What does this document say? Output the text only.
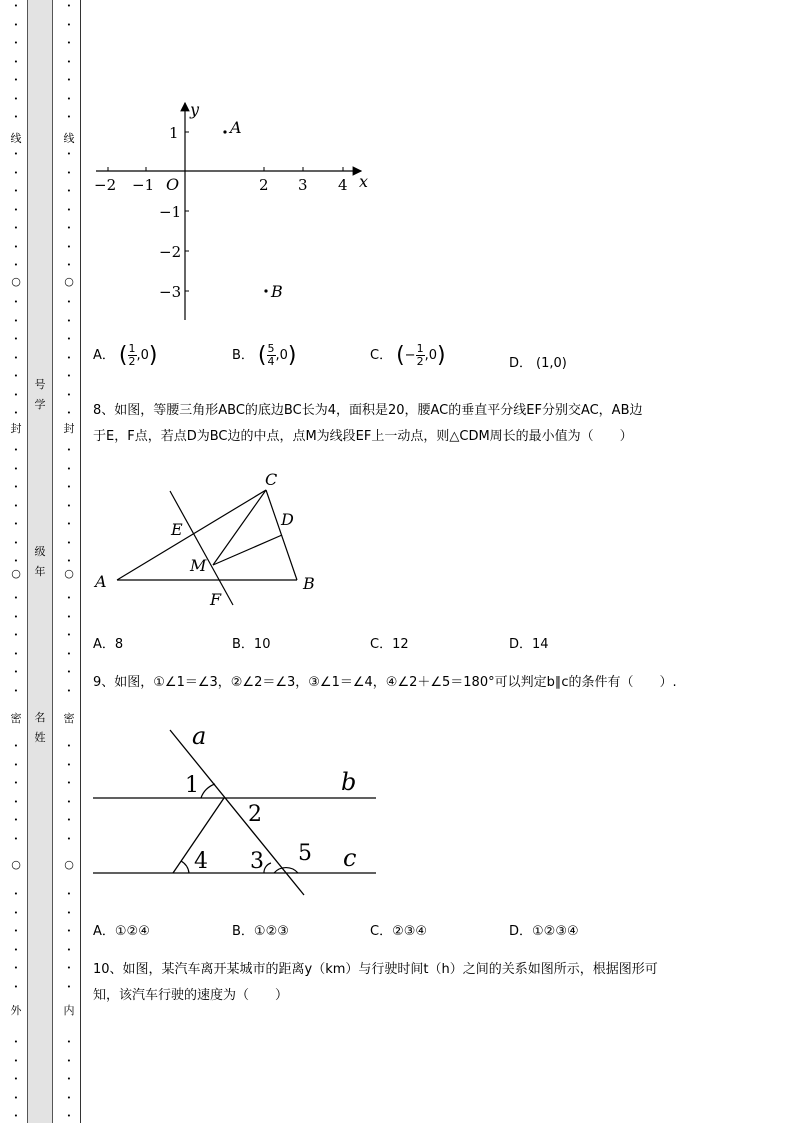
•
•
•
•
•
•
•
•
•
•
•
•
•
•
•
•
•
•
•
•
•
•
•
•
•
•
•
•
•
•
•
•
•
•
•
•
•
•
•
•
•
•
•
•
•
•
•
•
•
•
•
线
○
封
○
密
○
外
号
学
级
年
名
姓
•
•
•
•
•
•
•
•
•
•
•
•
•
•
•
•
•
•
•
•
•
•
•
•
•
•
•
•
•
•
•
•
•
•
•
•
•
•
•
•
•
•
•
•
•
•
•
•
•
•
•
线
○
封
○
密
○
内
x
y
O
−2 −1	2 3 4
1
−1
−2
−3
A
B
A． ( $\frac{1}{2} ,0$)	B． ( $\frac{5}{4} ,0$)	C． (− $\frac{1}{2} ,0$)	D． (1,0)
8、如图，等腰三角形ABC的底边BC长为4，面积是20，腰AC的垂直平分线EF分别交AC，AB边
于E，F点，若点D为BC边的中点，点M为线段EF上一动点，则△CDM周长的最小值为（　　）
A	B
C
D
E
F
M
A．8	B．10	C．12	D．14
9、如图，①∠1＝∠3，②∠2＝∠3，③∠1＝∠4，④∠2＋∠5＝180°可以判定b∥c的条件有（　　）.
a
b
c
1
2
3
4	5
A．①②④	B．①②③	C．②③④	D．①②③④
10、如图，某汽车离开某城市的距离y（km）与行驶时间t（h）之间的关系如图所示，根据图形可
知，该汽车行驶的速度为（　　）
